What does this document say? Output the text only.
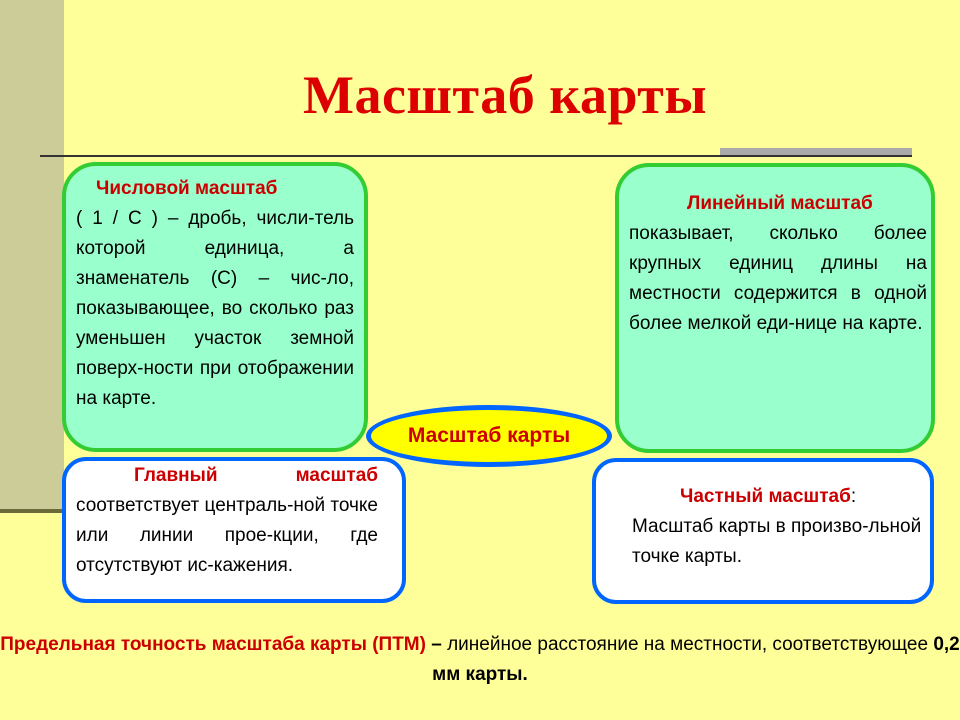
Масштаб карты
Числовой масштаб
( 1 / С ) – дробь, числи-тель которой единица, а знаменатель (С) – чис-ло, показывающее, во сколько раз уменьшен участок земной поверх-ности при отображении на карте.
Линейный масштаб
показывает, сколько более крупных единиц длины на местности содержится в одной более мелкой еди-нице на карте.
Масштаб карты
Главный масштаб
соответствует централь-ной точке или линии прое-кции, где отсутствуют ис-кажения.
Частный масштаб:
Масштаб карты в произво-льной точке карты.
Предельная точность масштаба карты (ПТМ) – линейное расстояние на местности, соответствующее 0,2 мм карты.
